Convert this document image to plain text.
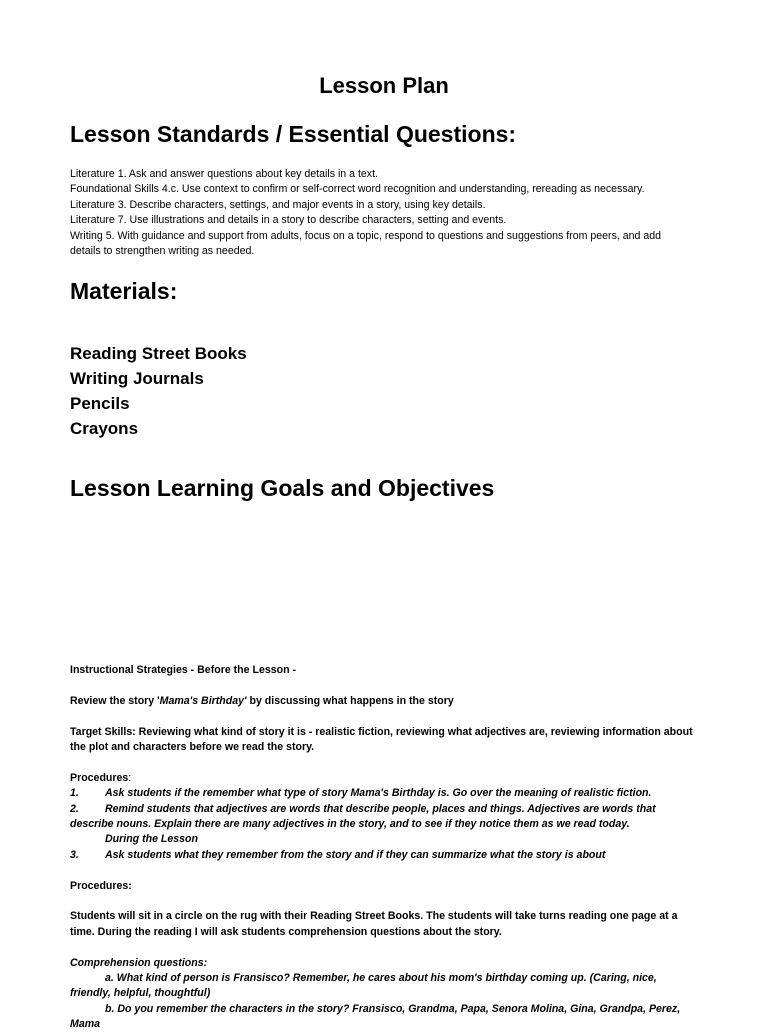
Lesson Plan
Lesson Standards / Essential Questions:
Literature 1. Ask and answer questions about key details in a text.
Foundational Skills 4.c. Use context to confirm or self-correct word recognition and understanding, rereading as necessary.
Literature 3. Describe characters, settings, and major events in a story, using key details.
Literature 7. Use illustrations and details in a story to describe characters, setting and events.
Writing 5. With guidance and support from adults, focus on a topic, respond to questions and suggestions from peers, and add
details to strengthen writing as needed.
Materials:
Reading Street Books
Writing Journals
Pencils
Crayons
Lesson Learning Goals and Objectives
Instructional Strategies - Before the Lesson -
Review the story 'Mama's Birthday' by discussing what happens in the story
Target Skills: Reviewing what kind of story it is - realistic fiction, reviewing what adjectives are, reviewing information about the plot and characters before we read the story.
Procedures:
1. Ask students if the remember what type of story Mama's Birthday is. Go over the meaning of realistic fiction.
2. Remind students that adjectives are words that describe people, places and things. Adjectives are words that
describe nouns. Explain there are many adjectives in the story, and to see if they notice them as we read today.
During the Lesson
3. Ask students what they remember from the story and if they can summarize what the story is about
Procedures:
Students will sit in a circle on the rug with their Reading Street Books. The students will take turns reading one page at a time. During the reading I will ask students comprehension questions about the story.
Comprehension questions:
a. What kind of person is Fransisco? Remember, he cares about his mom's birthday coming up. (Caring, nice,
friendly, helpful, thoughtful)
b. Do you remember the characters in the story? Fransisco, Grandma, Papa, Senora Molina, Gina, Grandpa, Perez,
Mama
